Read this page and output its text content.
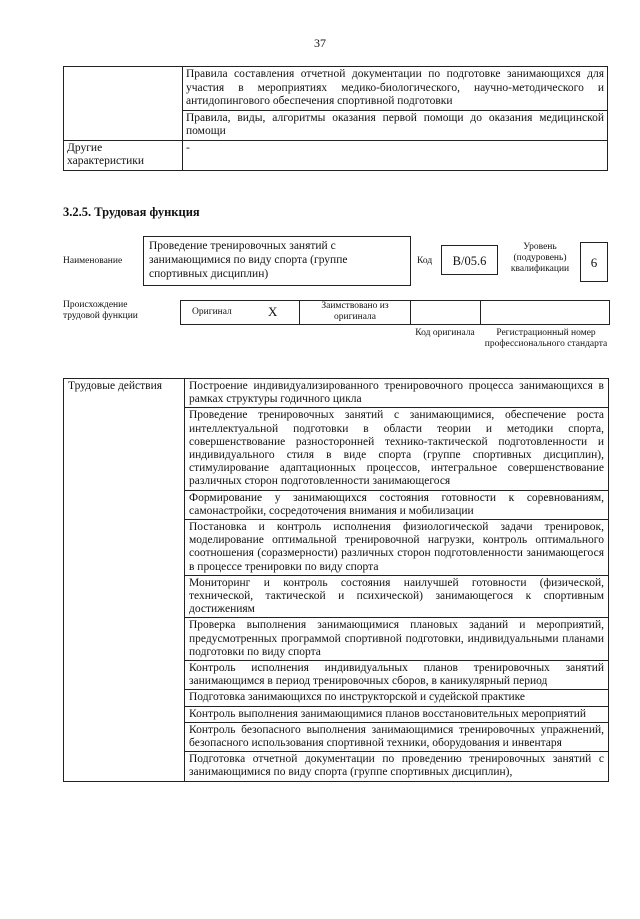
37
	Правила составления отчетной документации по подготовке занимающихся для участия в мероприятиях медико-биологического, научно-методического и антидопингового обеспечения спортивной подготовки
	Правила, виды, алгоритмы оказания первой помощи до оказания медицинской помощи
Другие характеристики	-
3.2.5. Трудовая функция
Наименование
Проведение тренировочных занятий с занимающимися по виду спорта (группе спортивных дисциплин)
Код	В/05.6
Уровень (подуровень) квалификации	6
Происхождение трудовой функции	Оригинал	X	Заимствовано из оригинала
Код оригинала	Регистрационный номер профессионального стандарта
Трудовые действия	Построение индивидуализированного тренировочного процесса занимающихся в рамках структуры годичного цикла
Проведение тренировочных занятий с занимающимися, обеспечение роста интеллектуальной подготовки в области теории и методики спорта, совершенствование разносторонней технико-тактической подготовленности и индивидуального стиля в виде спорта (группе спортивных дисциплин), стимулирование адаптационных процессов, интегральное совершенствование различных сторон подготовленности занимающегося
Формирование у занимающихся состояния готовности к соревнованиям, самонастройки, сосредоточения внимания и мобилизации
Постановка и контроль исполнения физиологической задачи тренировок, моделирование оптимальной тренировочной нагрузки, контроль оптимального соотношения (соразмерности) различных сторон подготовленности занимающегося в процессе тренировки по виду спорта
Мониторинг и контроль состояния наилучшей готовности (физической, технической, тактической и психической) занимающегося к спортивным достижениям
Проверка выполнения занимающимися плановых заданий и мероприятий, предусмотренных программой спортивной подготовки, индивидуальными планами подготовки по виду спорта
Контроль исполнения индивидуальных планов тренировочных занятий занимающимся в период тренировочных сборов, в каникулярный период
Подготовка занимающихся по инструкторской и судейской практике
Контроль выполнения занимающимися планов восстановительных мероприятий
Контроль безопасного выполнения занимающимися тренировочных упражнений, безопасного использования спортивной техники, оборудования и инвентаря
Подготовка отчетной документации по проведению тренировочных занятий с занимающимися по виду спорта (группе спортивных дисциплин),
